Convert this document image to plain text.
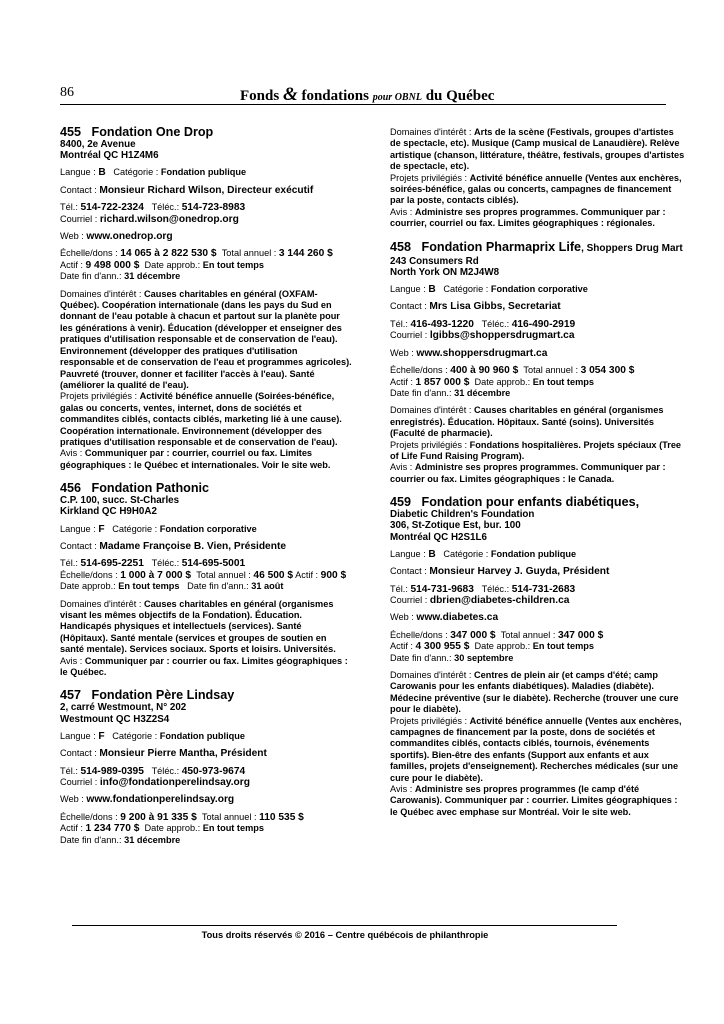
86	Fonds & fondations pour OBNL du Québec
455 Fondation One Drop
8400, 2e Avenue
Montréal QC H1Z4M6
Langue : B Catégorie : Fondation publique
Contact : Monsieur Richard Wilson, Directeur exécutif
Tél.: 514-722-2324 Téléc.: 514-723-8983
Courriel : richard.wilson@onedrop.org
Web : www.onedrop.org
Échelle/dons : 14 065 à 2 822 530 $ Total annuel : 3 144 260 $
Actif : 9 498 000 $ Date approb.: En tout temps
Date fin d'ann.: 31 décembre
Domaines d'intérêt : Causes charitables en général (OXFAM-Québec). Coopération internationale (dans les pays du Sud en donnant de l'eau potable à chacun et partout sur la planète pour les générations à venir). Éducation (développer et enseigner des pratiques d'utilisation responsable et de conservation de l'eau). Environnement (développer des pratiques d'utilisation responsable et de conservation de l'eau et programmes agricoles). Pauvreté (trouver, donner et faciliter l'accès à l'eau). Santé (améliorer la qualité de l'eau).
Projets privilégiés : Activité bénéfice annuelle (Soirées-bénéfice, galas ou concerts, ventes, internet, dons de sociétés et commandites ciblés, contacts ciblés, marketing lié à une cause). Coopération internationale. Environnement (développer des pratiques d'utilisation responsable et de conservation de l'eau).
Avis : Communiquer par : courrier, courriel ou fax. Limites géographiques : le Québec et internationales. Voir le site web.
456 Fondation Pathonic
C.P. 100, succ. St-Charles
Kirkland QC H9H0A2
Langue : F Catégorie : Fondation corporative
Contact : Madame Françoise B. Vien, Présidente
Tél.: 514-695-2251 Téléc.: 514-695-5001
Échelle/dons : 1 000 à 7 000 $ Total annuel : 46 500 $ Actif : 900 $
Date approb.: En tout temps Date fin d'ann.: 31 août
Domaines d'intérêt : Causes charitables en général (organismes visant les mêmes objectifs de la Fondation). Éducation. Handicapés physiques et intellectuels (services). Santé (Hôpitaux). Santé mentale (services et groupes de soutien en santé mentale). Services sociaux. Sports et loisirs. Universités.
Avis : Communiquer par : courrier ou fax. Limites géographiques : le Québec.
457 Fondation Père Lindsay
2, carré Westmount, N° 202
Westmount QC H3Z2S4
Langue : F Catégorie : Fondation publique
Contact : Monsieur Pierre Mantha, Président
Tél.: 514-989-0395 Téléc.: 450-973-9674
Courriel : info@fondationperelindsay.org
Web : www.fondationperelindsay.org
Échelle/dons : 9 200 à 91 335 $ Total annuel : 110 535 $
Actif : 1 234 770 $ Date approb.: En tout temps
Date fin d'ann.: 31 décembre
Domaines d'intérêt : Arts de la scène (Festivals, groupes d'artistes de spectacle, etc). Musique (Camp musical de Lanaudière). Relève artistique (chanson, littérature, théâtre, festivals, groupes d'artistes de spectacle, etc).
Projets privilégiés : Activité bénéfice annuelle (Ventes aux enchères, soirées-bénéfice, galas ou concerts, campagnes de financement par la poste, contacts ciblés).
Avis : Administre ses propres programmes. Communiquer par : courrier, courriel ou fax. Limites géographiques : régionales.
458 Fondation Pharmaprix Life, Shoppers Drug Mart
243 Consumers Rd
North York ON M2J4W8
Langue : B Catégorie : Fondation corporative
Contact : Mrs Lisa Gibbs, Secretariat
Tél.: 416-493-1220 Téléc.: 416-490-2919
Courriel : lgibbs@shoppersdrugmart.ca
Web : www.shoppersdrugmart.ca
Échelle/dons : 400 à 90 960 $ Total annuel : 3 054 300 $
Actif : 1 857 000 $ Date approb.: En tout temps
Date fin d'ann.: 31 décembre
Domaines d'intérêt : Causes charitables en général (organismes enregistrés). Éducation. Hôpitaux. Santé (soins). Universités (Faculté de pharmacie).
Projets privilégiés : Fondations hospitalières. Projets spéciaux (Tree of Life Fund Raising Program).
Avis : Administre ses propres programmes. Communiquer par : courrier ou fax. Limites géographiques : le Canada.
459 Fondation pour enfants diabétiques,
Diabetic Children's Foundation
306, St-Zotique Est, bur. 100
Montréal QC H2S1L6
Langue : B Catégorie : Fondation publique
Contact : Monsieur Harvey J. Guyda, Président
Tél.: 514-731-9683 Téléc.: 514-731-2683
Courriel : dbrien@diabetes-children.ca
Web : www.diabetes.ca
Échelle/dons : 347 000 $ Total annuel : 347 000 $
Actif : 4 300 955 $ Date approb.: En tout temps
Date fin d'ann.: 30 septembre
Domaines d'intérêt : Centres de plein air (et camps d'été; camp Carowanis pour les enfants diabétiques). Maladies (diabète). Médecine préventive (sur le diabète). Recherche (trouver une cure pour le diabète).
Projets privilégiés : Activité bénéfice annuelle (Ventes aux enchères, campagnes de financement par la poste, dons de sociétés et commandites ciblés, contacts ciblés, tournois, événements sportifs). Bien-être des enfants (Support aux enfants et aux familles, projets d'enseignement). Recherches médicales (sur une cure pour le diabète).
Avis : Administre ses propres programmes (le camp d'été Carowanis). Communiquer par : courrier. Limites géographiques : le Québec avec emphase sur Montréal. Voir le site web.
Tous droits réservés © 2016 – Centre québécois de philanthropie
